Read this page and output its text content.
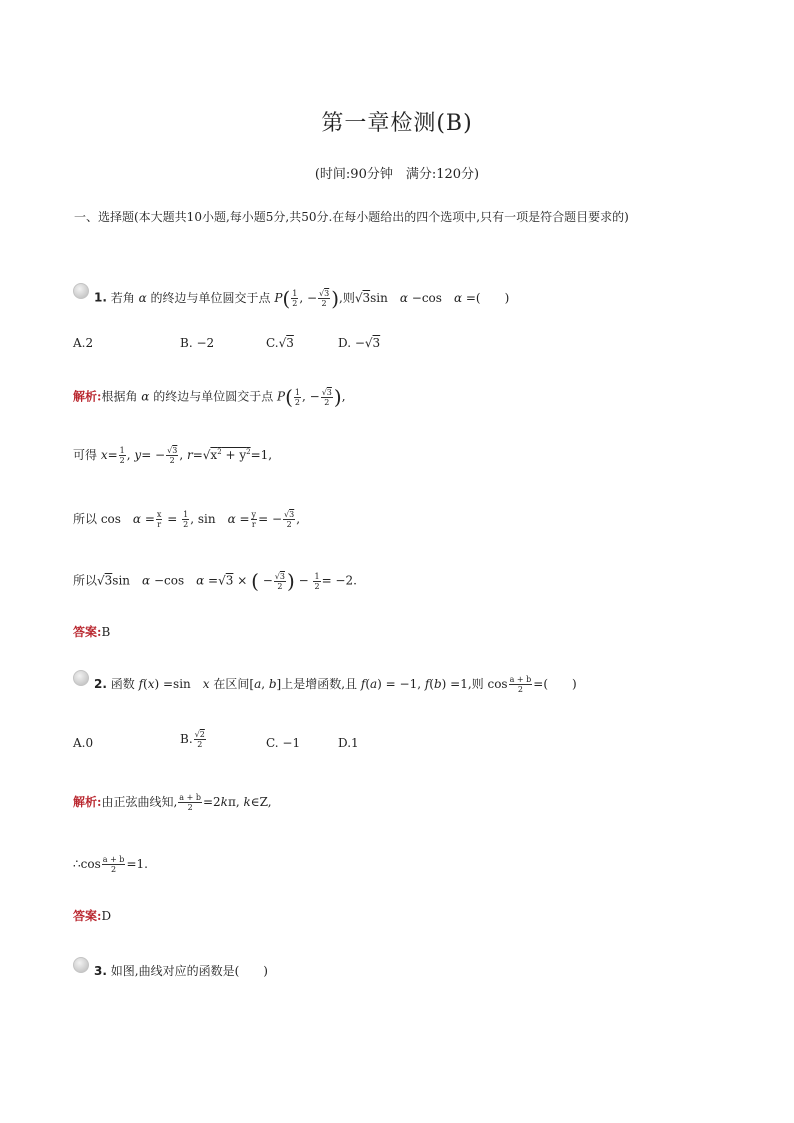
第一章检测(B)
(时间:90分钟　满分:120分)
一、选择题(本大题共10小题,每小题5分,共50分.在每小题给出的四个选项中,只有一项是符合题目要求的)
1. 若角 α 的终边与单位圆交于点 $P( \frac{1}{2}$ , − $\frac{√3}{2}$ ),则√3sin　α −cos　α =(　　)
A.2	B. −2	C.√3	D. −√3
解析:根据角 α 的终边与单位圆交于点 $P( \frac{1}{2}$ , − $\frac{√3}{2}$ ),
可得 $x= \frac{1}{2}$ , $y= - \frac{√3}{2}$ , $r=√x^2 + y^2=1$,
所以 cos　$\alpha = \frac{x}{r} = \frac{1}{2}$ , sin　$\alpha = \frac{y}{r}$ = − $\frac{√3}{2}$ ,
所以√3sin　α −cos　α =√3 × ( − $\frac{√3}{2}$ ) − $\frac{1}{2} = -2$.
答案:B
2. 函数 f(x) =sin　x 在区间[a, b]上是增函数,且 f(a) = −1, f(b) =1,则 $\cos \frac{a + b}{2}$ =(　　)
A.0	B. $\frac{√2}{2}$	C. −1	D.1
解析:由正弦曲线知, $\frac{a + b}{2} =2k\pi$, k∈Z,
∴cos $\frac{a + b}{2} =1$.
答案:D
3. 如图,曲线对应的函数是(　　)
